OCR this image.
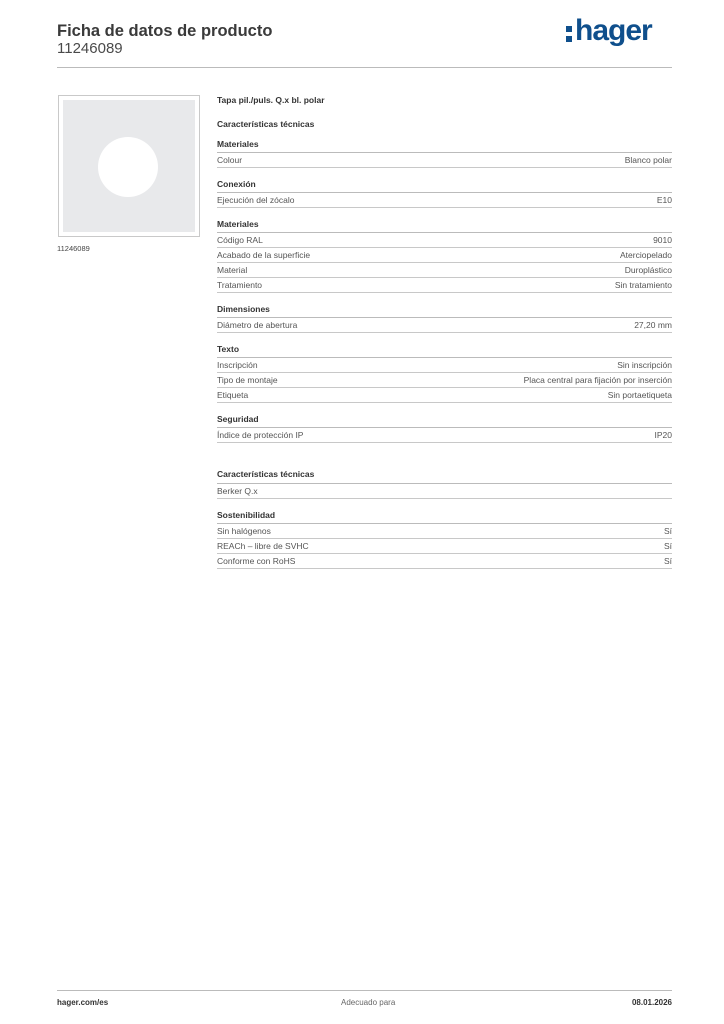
Ficha de datos de producto
11246089
hager
11246089
Tapa pil./puls. Q.x bl. polar
Características técnicas
Materiales
Colour	Blanco polar
Conexión
Ejecución del zócalo	E10
Materiales
Código RAL	9010
Acabado de la superficie	Aterciopelado
Material	Duroplástico
Tratamiento	Sin tratamiento
Dimensiones
Diámetro de abertura	27,20 mm
Texto
Inscripción	Sin inscripción
Tipo de montaje	Placa central para fijación por inserción
Etiqueta	Sin portaetiqueta
Seguridad
Índice de protección IP	IP20
Características técnicas
Berker Q.x
Sostenibilidad
Sin halógenos	Sí
REACh – libre de SVHC	Sí
Conforme con RoHS	Sí
hager.com/es	Adecuado para	08.01.2026
